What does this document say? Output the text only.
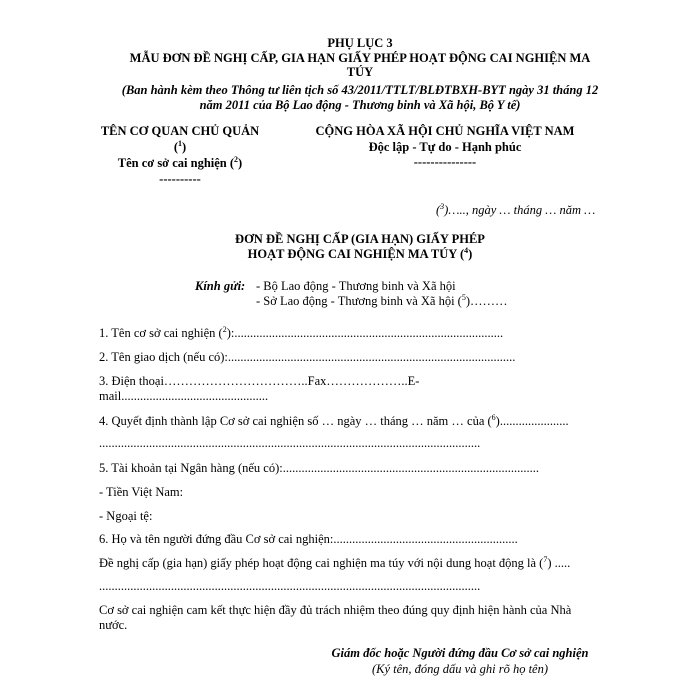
PHỤ LỤC 3
MẪU ĐƠN ĐỀ NGHỊ CẤP, GIA HẠN GIẤY PHÉP HOẠT ĐỘNG CAI NGHIỆN MA
TÚY
(Ban hành kèm theo Thông tư liên tịch số 43/2011/TTLT/BLĐTBXH-BYT ngày 31 tháng 12
năm 2011 của Bộ Lao động - Thương binh và Xã hội, Bộ Y tế)
TÊN CƠ QUAN CHỦ QUẢN
($^1$)
Tên cơ sở cai nghiện ($^2$)
----------
CỘNG HÒA XÃ HỘI CHỦ NGHĨA VIỆT NAM
Độc lập - Tự do - Hạnh phúc
---------------
($^3$)….., ngày … tháng … năm …
ĐƠN ĐỀ NGHỊ CẤP (GIA HẠN) GIẤY PHÉP
HOẠT ĐỘNG CAI NGHIỆN MA TÚY ($^4$)
Kính gửi: - Bộ Lao động - Thương binh và Xã hội
- Sở Lao động - Thương binh và Xã hội ($^5$)………
1. Tên cơ sở cai nghiện ($^2$):......................................................................................
2. Tên giao dịch (nếu có):............................................................................................
3. Điện thoại……………………………..Fax………………..E-
mail...............................................
4. Quyết định thành lập Cơ sở cai nghiện số … ngày … tháng … năm … của ($^6$)......................
..........................................................................................................................
5. Tài khoản tại Ngân hàng (nếu có):..................................................................................
- Tiền Việt Nam:
- Ngoại tệ:
6. Họ và tên người đứng đầu Cơ sở cai nghiện:...........................................................
Đề nghị cấp (gia hạn) giấy phép hoạt động cai nghiện ma túy với nội dung hoạt động là ($^7$) .....
..........................................................................................................................
Cơ sở cai nghiện cam kết thực hiện đầy đủ trách nhiệm theo đúng quy định hiện hành của Nhà
nước.
Giám đốc hoặc Người đứng đầu Cơ sở cai nghiện
(Ký tên, đóng dấu và ghi rõ họ tên)
